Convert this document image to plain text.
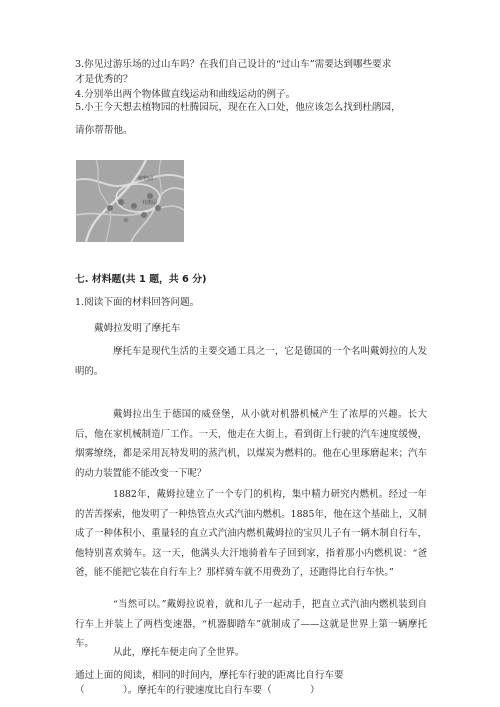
3.你见过游乐场的过山车吗？在我们自己设计的“过山车”需要达到哪些要求
才是优秀的？
4.分别举出两个物体做直线运动和曲线运动的例子。
5.小王今天想去植物园的杜腾园玩，现在在入口处，他应该怎么找到杜鹃园，
请你帮帮他。
植物园
杜鹃园
七. 材料题(共 1 题，共 6 分)
1.阅读下面的材料回答问题。
戴姆拉发明了摩托车
摩托车是现代生活的主要交通工具之一，它是德国的一个名叫戴姆拉的人发明的。
戴姆拉出生于德国的威登堡，从小就对机器机械产生了浓厚的兴趣。长大后，他在家机械制造厂工作。一天，他走在大街上，看到街上行驶的汽车速度缓慢，烟雾缭绕，都是采用瓦特发明的蒸汽机，以煤炭为燃料的。他在心里琢磨起来；汽车的动力装置能不能改变一下呢？
1882年，戴姆拉建立了一个专门的机构，集中精力研究内燃机。经过一年的苦苦探索，他发明了一种热管点火式汽油内燃机。1885年，他在这个基础上，又制成了一种体积小、重量轻的直立式汽油内燃机戴姆拉的宝贝儿子有一辆木制自行车，他特别喜欢骑车。这一天，他满头大汗地骑着车子回到家，指着那小内燃机说：“爸爸，能不能把它装在自行车上？那样骑车就不用费劲了，还跑得比自行车快。”
“当然可以。”戴姆拉说着，就和儿子一起动手，把直立式汽油内燃机装到自行车上并装上了两档变速器，“机器脚踏车”就制成了——这就是世界上第一辆摩托车。
从此，摩托车便走向了全世界。
通过上面的阅读，相同的时间内，摩托车行驶的距离比自行车要
（　　　　）。摩托车的行驶速度比自行车要（　　　　）
